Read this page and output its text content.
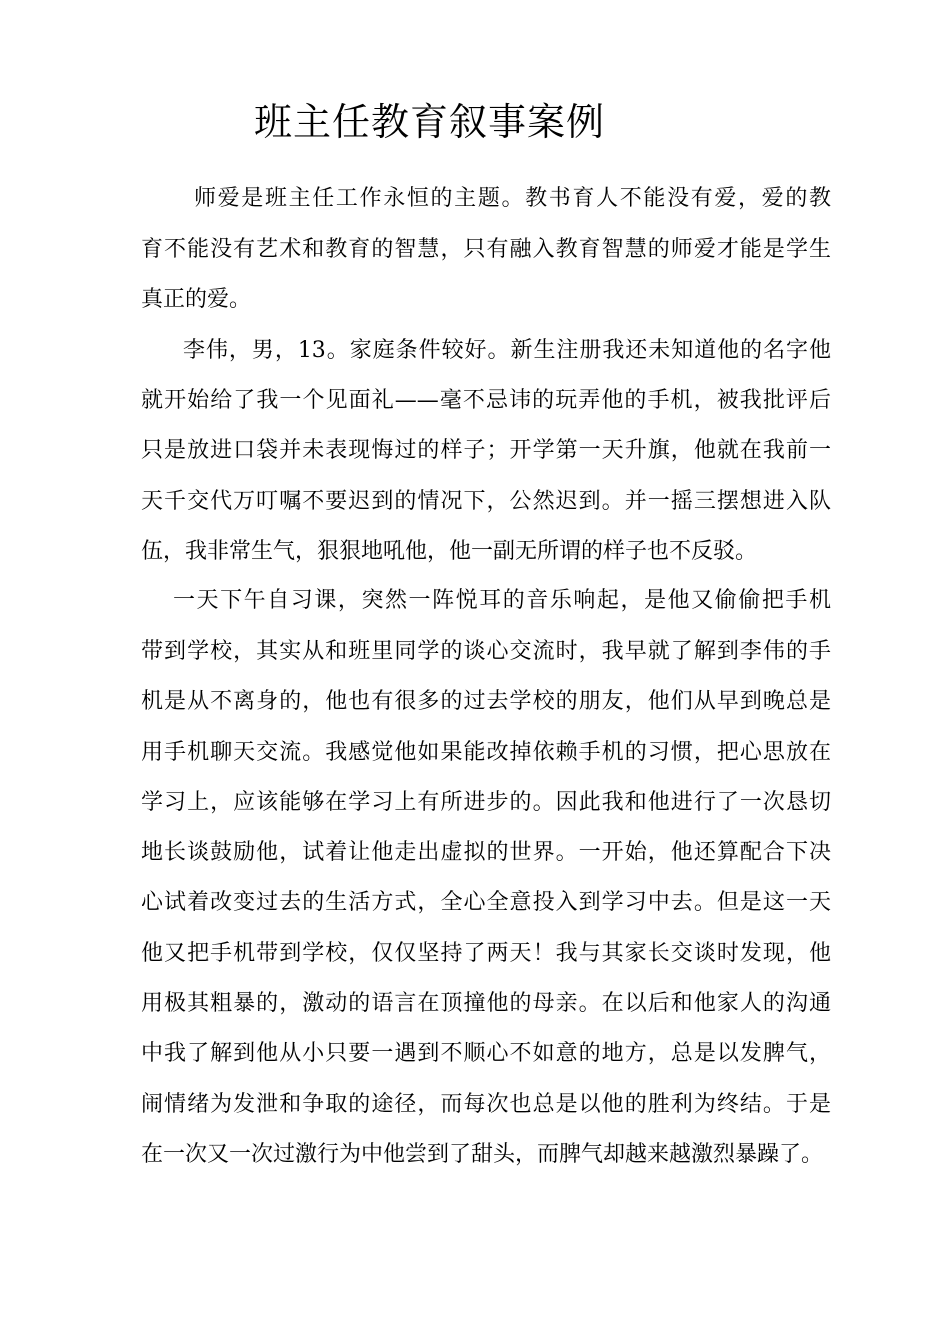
班主任教育叙事案例
师爱是班主任工作永恒的主题。教书育人不能没有爱，爱的教
育不能没有艺术和教育的智慧，只有融入教育智慧的师爱才能是学生
真正的爱。
李伟，男，13。家庭条件较好。新生注册我还未知道他的名字他
就开始给了我一个见面礼——毫不忌讳的玩弄他的手机，被我批评后
只是放进口袋并未表现悔过的样子；开学第一天升旗，他就在我前一
天千交代万叮嘱不要迟到的情况下，公然迟到。并一摇三摆想进入队
伍，我非常生气，狠狠地吼他，他一副无所谓的样子也不反驳。
一天下午自习课，突然一阵悦耳的音乐响起，是他又偷偷把手机
带到学校，其实从和班里同学的谈心交流时，我早就了解到李伟的手
机是从不离身的，他也有很多的过去学校的朋友，他们从早到晚总是
用手机聊天交流。我感觉他如果能改掉依赖手机的习惯，把心思放在
学习上，应该能够在学习上有所进步的。因此我和他进行了一次恳切
地长谈鼓励他，试着让他走出虚拟的世界。一开始，他还算配合下决
心试着改变过去的生活方式，全心全意投入到学习中去。但是这一天
他又把手机带到学校，仅仅坚持了两天！我与其家长交谈时发现，他
用极其粗暴的，激动的语言在顶撞他的母亲。在以后和他家人的沟通
中我了解到他从小只要一遇到不顺心不如意的地方，总是以发脾气，
闹情绪为发泄和争取的途径，而每次也总是以他的胜利为终结。于是
在一次又一次过激行为中他尝到了甜头，而脾气却越来越激烈暴躁了。
